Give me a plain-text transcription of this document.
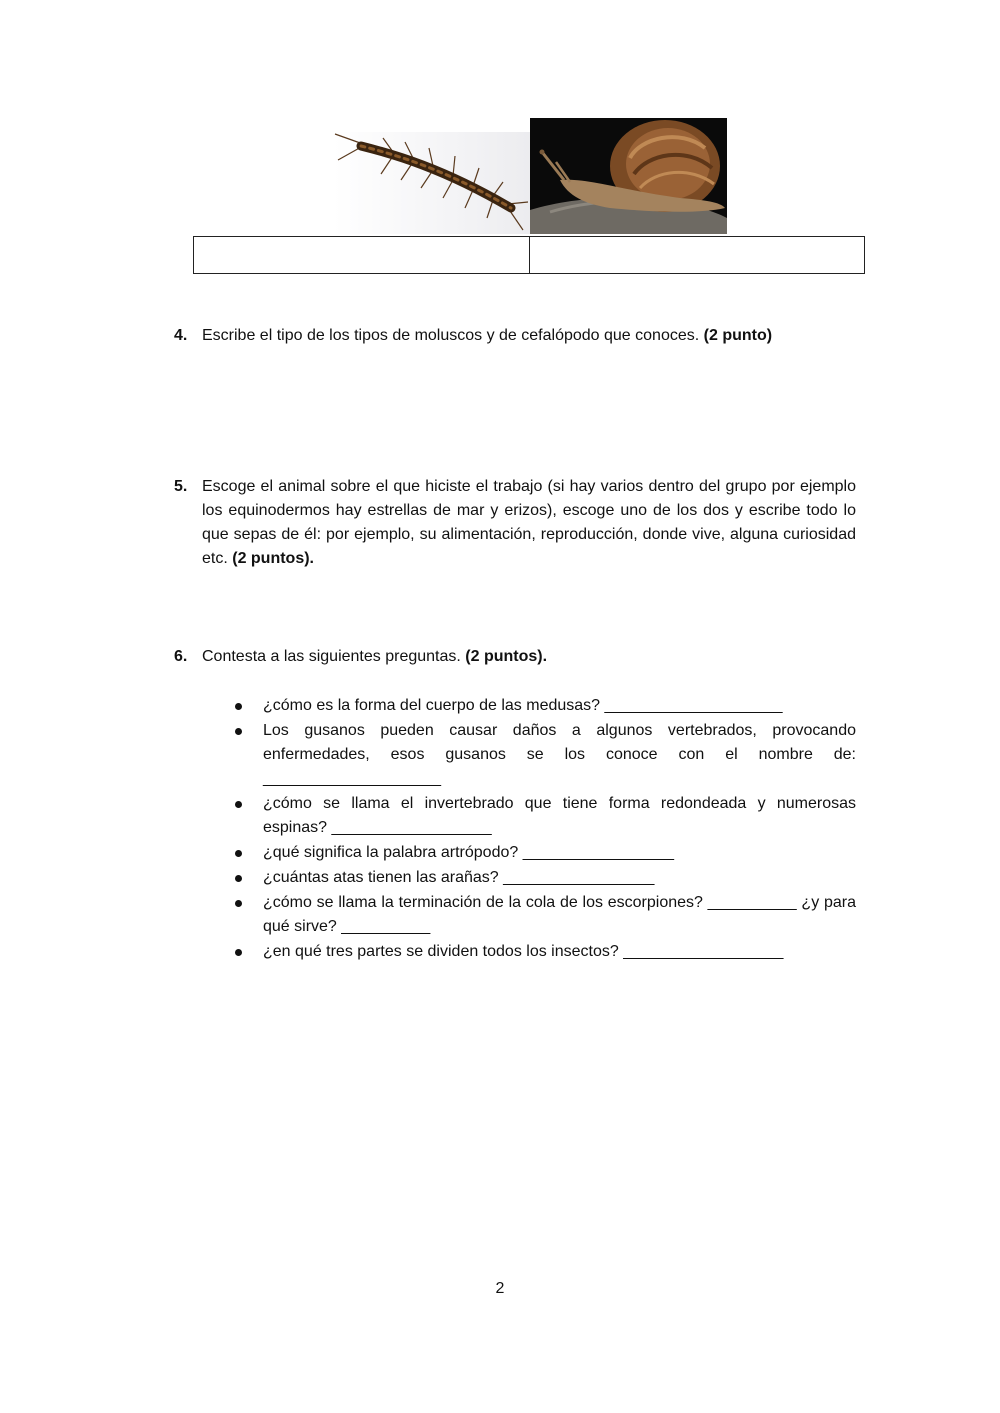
4. Escribe el tipo de los tipos de moluscos y de cefalópodo que conoces. (2 punto)
5. Escoge el animal sobre el que hiciste el trabajo (si hay varios dentro del grupo por ejemplo los equinodermos hay estrellas de mar y erizos), escoge uno de los dos y escribe todo lo que sepas de él: por ejemplo, su alimentación, reproducción, donde vive, alguna curiosidad etc. (2 puntos).
6. Contesta a las siguientes preguntas. (2 puntos).
¿cómo es la forma del cuerpo de las medusas? ____________________
Los gusanos pueden causar daños a algunos vertebrados, provocando enfermedades, esos gusanos se los conoce con el nombre de: ____________________
¿cómo se llama el invertebrado que tiene forma redondeada y numerosas espinas? __________________
¿qué significa la palabra artrópodo? _________________
¿cuántas atas tienen las arañas? _________________
¿cómo se llama la terminación de la cola de los escorpiones? __________ ¿y para qué sirve? __________
¿en qué tres partes se dividen todos los insectos? __________________
2
